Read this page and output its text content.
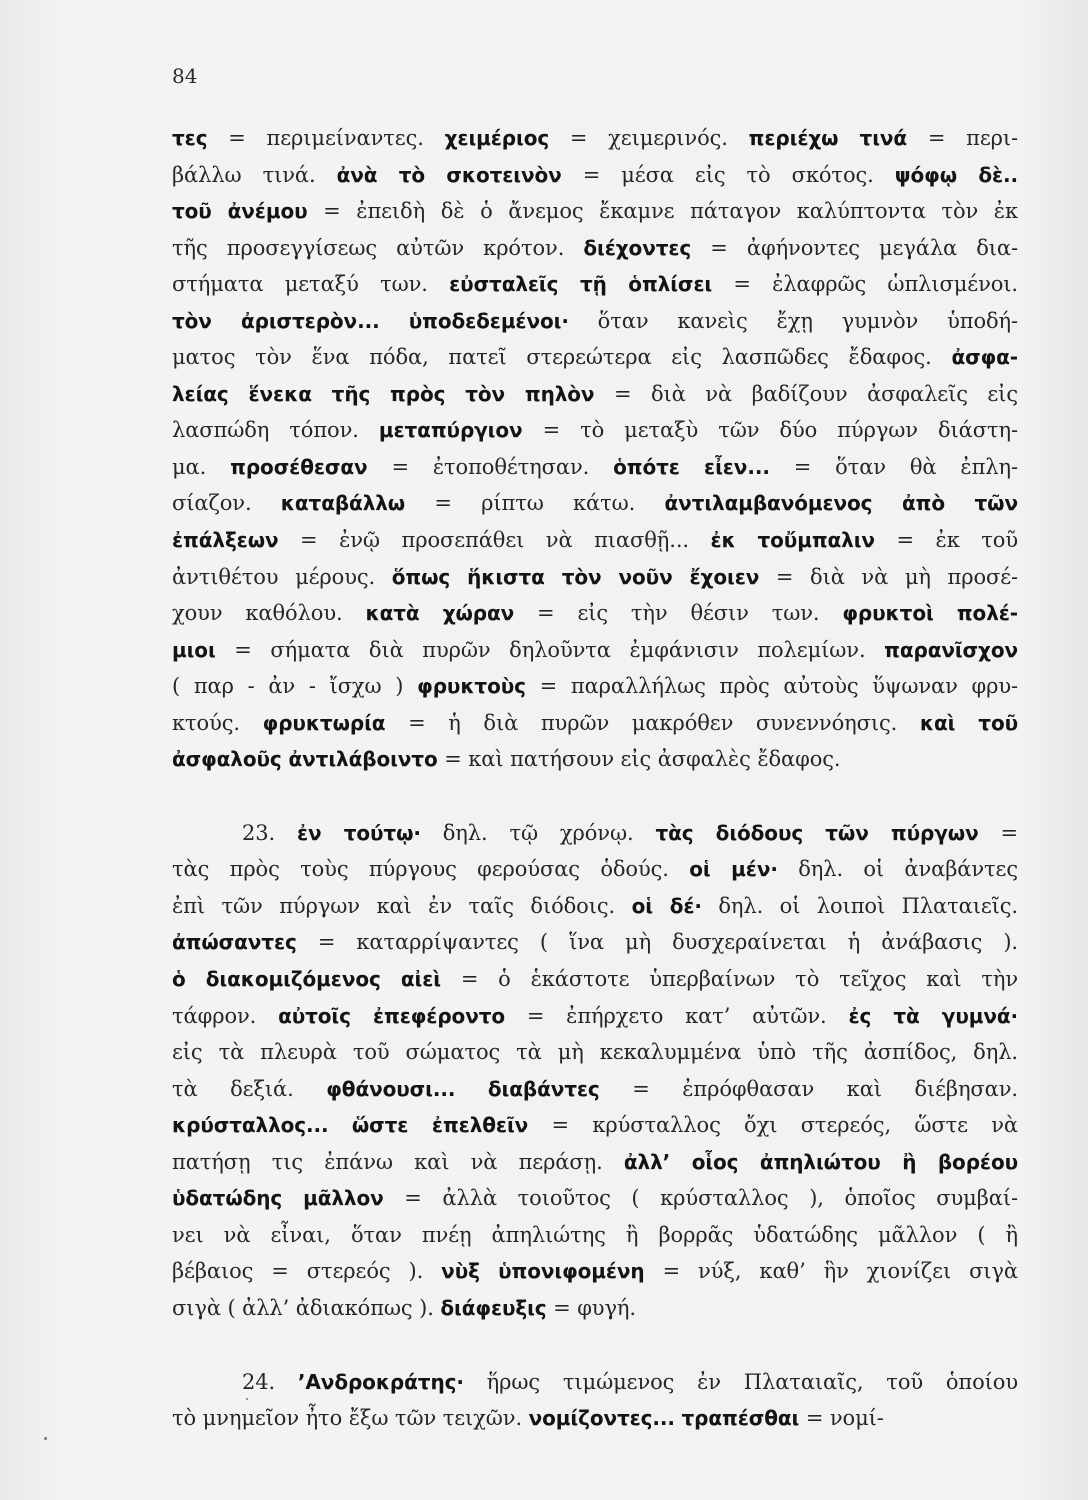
84
τες = περιμείναντες. χειμέριος = χειμερινός. περιέχω τινά = περι-
βάλλω τινά. ἀνὰ τὸ σκοτεινὸν = μέσα εἰς τὸ σκότος. ψόφῳ δὲ..
τοῦ ἀνέμου = ἐπειδὴ δὲ ὁ ἄνεμος ἔκαμνε πάταγον καλύπτοντα τὸν ἐκ
τῆς προσεγγίσεως αὐτῶν κρότον. διέχοντες = ἀφήνοντες μεγάλα δια-
στήματα μεταξύ των. εὐσταλεῖς τῇ ὁπλίσει = ἐλαφρῶς ὡπλισμένοι.
τὸν ἀριστερὸν... ὑποδεδεμένοι· ὅταν κανεὶς ἔχῃ γυμνὸν ὑποδή-
ματος τὸν ἕνα πόδα, πατεῖ στερεώτερα εἰς λασπῶδες ἔδαφος. ἀσφα-
λείας ἕνεκα τῆς πρὸς τὸν πηλὸν = διὰ νὰ βαδίζουν ἀσφαλεῖς εἰς
λασπώδη τόπον. μεταπύργιον = τὸ μεταξὺ τῶν δύο πύργων διάστη-
μα. προσέθεσαν = ἐτοποθέτησαν. ὁπότε εἶεν... = ὅταν θὰ ἐπλη-
σίαζον. καταβάλλω = ρίπτω κάτω. ἀντιλαμβανόμενος ἀπὸ τῶν
ἐπάλξεων = ἐνῷ προσεπάθει νὰ πιασθῇ... ἐκ τοὔμπαλιν = ἐκ τοῦ
ἀντιθέτου μέρους. ὅπως ἥκιστα τὸν νοῦν ἔχοιεν = διὰ νὰ μὴ προσέ-
χουν καθόλου. κατὰ χώραν = εἰς τὴν θέσιν των. φρυκτοὶ πολέ-
μιοι = σήματα διὰ πυρῶν δηλοῦντα ἐμφάνισιν πολεμίων. παρανῖσχον
( παρ - ἀν - ἴσχω ) φρυκτοὺς = παραλλήλως πρὸς αὐτοὺς ὕψωναν φρυ-
κτούς. φρυκτωρία = ἡ διὰ πυρῶν μακρόθεν συνεννόησις. καὶ τοῦ
ἀσφαλοῦς ἀντιλάβοιντο = καὶ πατήσουν εἰς ἀσφαλὲς ἔδαφος.
23. ἐν τούτῳ· δηλ. τῷ χρόνῳ. τὰς διόδους τῶν πύργων =
τὰς πρὸς τοὺς πύργους φερούσας ὁδούς. οἱ μέν· δηλ. οἱ ἀναβάντες
ἐπὶ τῶν πύργων καὶ ἐν ταῖς διόδοις. οἱ δέ· δηλ. οἱ λοιποὶ Πλαταιεῖς.
ἀπώσαντες = καταρρίψαντες ( ἵνα μὴ δυσχεραίνεται ἡ ἀνάβασις ).
ὁ διακομιζόμενος αἰεὶ = ὁ ἑκάστοτε ὑπερβαίνων τὸ τεῖχος καὶ τὴν
τάφρον. αὐτοῖς ἐπεφέροντο = ἐπήρχετο κατ’ αὐτῶν. ἐς τὰ γυμνά·
εἰς τὰ πλευρὰ τοῦ σώματος τὰ μὴ κεκαλυμμένα ὑπὸ τῆς ἀσπίδος, δηλ.
τὰ δεξιά. φθάνουσι... διαβάντες = ἐπρόφθασαν καὶ διέβησαν.
κρύσταλλος... ὥστε ἐπελθεῖν = κρύσταλλος ὄχι στερεός, ὥστε νὰ
πατήσῃ τις ἐπάνω καὶ νὰ περάσῃ. ἀλλ’ οἷος ἀπηλιώτου ἢ βορέου
ὑδατώδης μᾶλλον = ἀλλὰ τοιοῦτος ( κρύσταλλος ), ὁποῖος συμβαί-
νει νὰ εἶναι, ὅταν πνέῃ ἀπηλιώτης ἢ βορρᾶς ὑδατώδης μᾶλλον ( ἢ
βέβαιος = στερεός ). νὺξ ὑπονιφομένη = νύξ, καθ’ ἣν χιονίζει σιγὰ
σιγὰ ( ἀλλ’ ἀδιακόπως ). διάφευξις = φυγή.
24. ’Ανδροκράτης· ἥρως τιμώμενος ἐν Πλαταιαῖς, τοῦ ὁποίου
τὸ μνημεῖον ἦτο ἔξω τῶν τειχῶν. νομίζοντες... τραπέσθαι = νομί-
